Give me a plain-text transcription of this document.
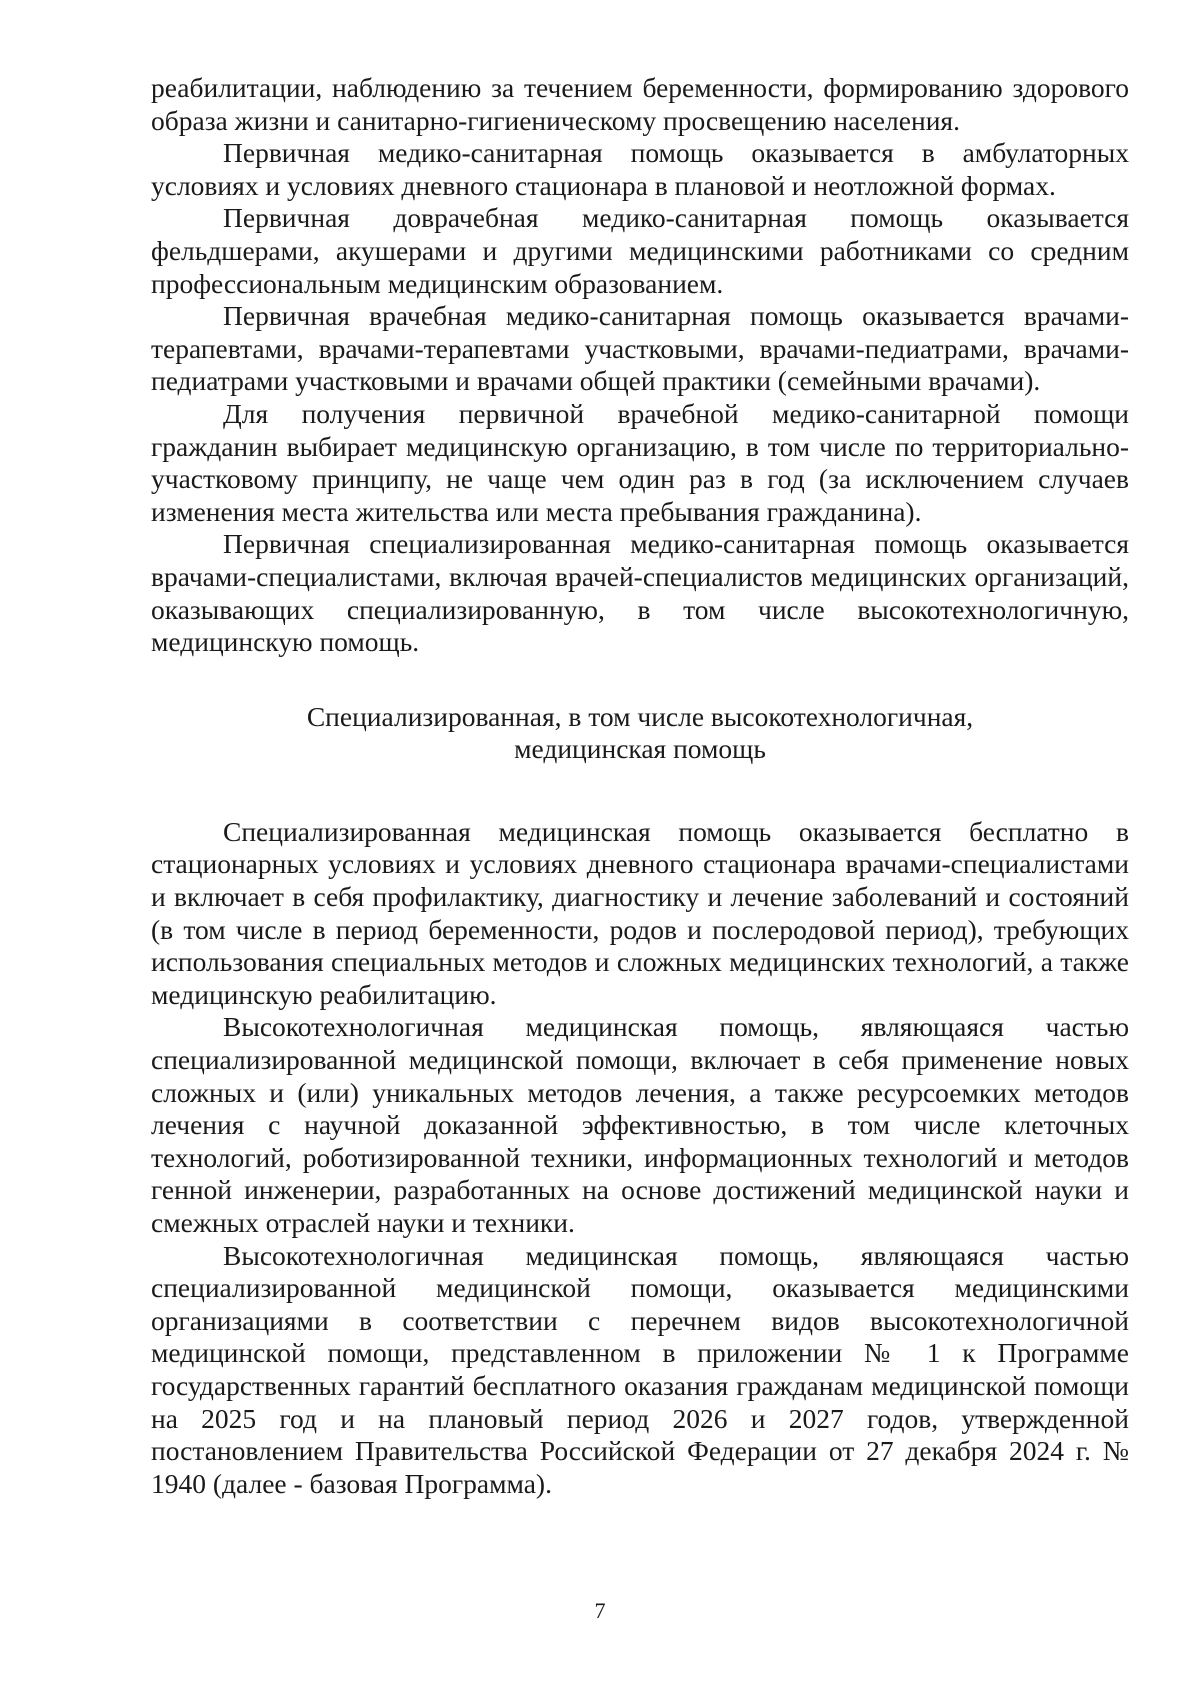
реабилитации, наблюдению за течением беременности, формированию здорового образа жизни и санитарно-гигиеническому просвещению населения.

Первичная медико-санитарная помощь оказывается в амбулаторных условиях и условиях дневного стационара в плановой и неотложной формах.

Первичная доврачебная медико-санитарная помощь оказывается фельдшерами, акушерами и другими медицинскими работниками со средним профессиональным медицинским образованием.

Первичная врачебная медико-санитарная помощь оказывается врачами-терапевтами, врачами-терапевтами участковыми, врачами-педиатрами, врачами-педиатрами участковыми и врачами общей практики (семейными врачами).

Для получения первичной врачебной медико-санитарной помощи гражданин выбирает медицинскую организацию, в том числе по территориально-участковому принципу, не чаще чем один раз в год (за исключением случаев изменения места жительства или места пребывания гражданина).

Первичная специализированная медико-санитарная помощь оказывается врачами-специалистами, включая врачей-специалистов медицинских организаций, оказывающих специализированную, в том числе высокотехнологичную, медицинскую помощь.

Специализированная, в том числе высокотехнологичная,
медицинская помощь

Специализированная медицинская помощь оказывается бесплатно в стационарных условиях и условиях дневного стационара врачами-специалистами и включает в себя профилактику, диагностику и лечение заболеваний и состояний (в том числе в период беременности, родов и послеродовой период), требующих использования специальных методов и сложных медицинских технологий, а также медицинскую реабилитацию.

Высокотехнологичная медицинская помощь, являющаяся частью специализированной медицинской помощи, включает в себя применение новых сложных и (или) уникальных методов лечения, а также ресурсоемких методов лечения с научной доказанной эффективностью, в том числе клеточных технологий, роботизированной техники, информационных технологий и методов генной инженерии, разработанных на основе достижений медицинской науки и смежных отраслей науки и техники.

Высокотехнологичная медицинская помощь, являющаяся частью специализированной медицинской помощи, оказывается медицинскими организациями в соответствии с перечнем видов высокотехнологичной медицинской помощи, представленном в приложении № 1 к Программе государственных гарантий бесплатного оказания гражданам медицинской помощи на 2025 год и на плановый период 2026 и 2027 годов, утвержденной постановлением Правительства Российской Федерации от 27 декабря 2024 г. № 1940 (далее - базовая Программа).

7
